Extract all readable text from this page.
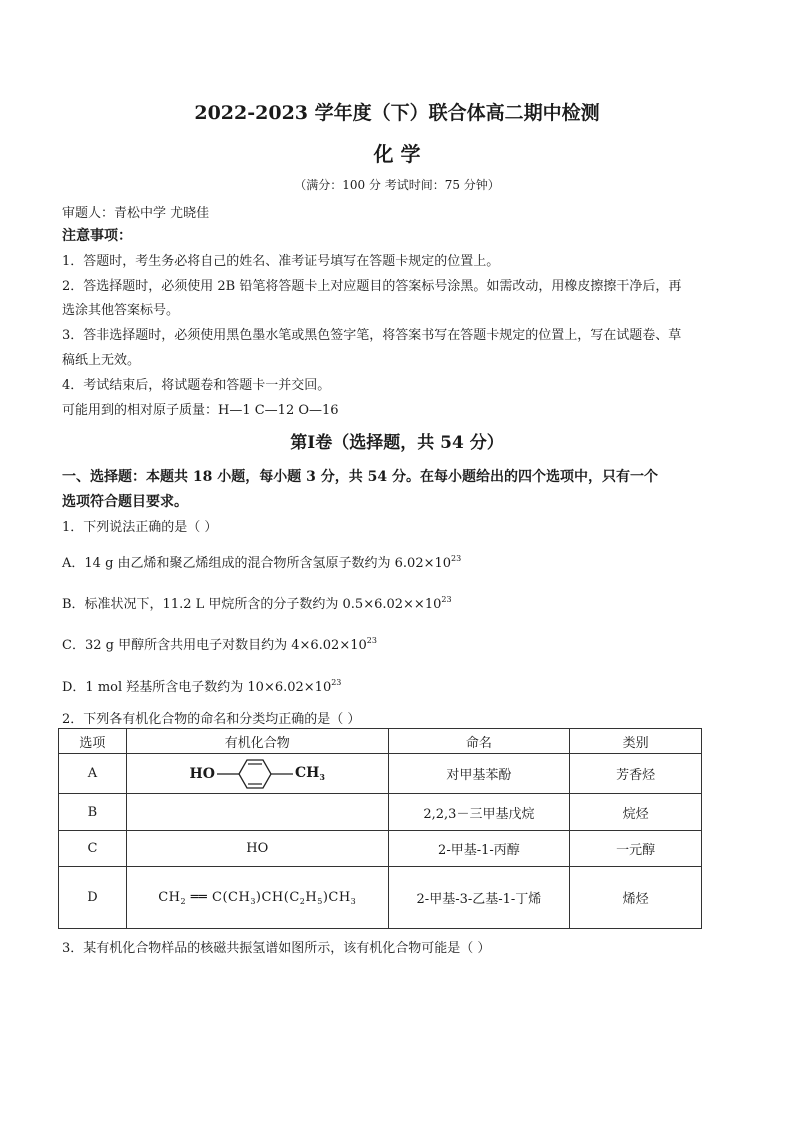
2022-2023 学年度（下）联合体高二期中检测
化 学
（满分：100 分 考试时间：75 分钟）
审题人：青松中学 尤晓佳
注意事项：
1．答题时，考生务必将自己的姓名、准考证号填写在答题卡规定的位置上。
2．答选择题时，必须使用 2B 铅笔将答题卡上对应题目的答案标号涂黑。如需改动，用橡皮擦擦干净后，再
选涂其他答案标号。
3．答非选择题时，必须使用黑色墨水笔或黑色签字笔，将答案书写在答题卡规定的位置上，写在试题卷、草
稿纸上无效。
4．考试结束后，将试题卷和答题卡一并交回。
可能用到的相对原子质量：H—1 C—12 O—16
第Ⅰ卷（选择题，共 54 分）
一、选择题：本题共 18 小题，每小题 3 分，共 54 分。在每小题给出的四个选项中，只有一个
选项符合题目要求。
1．下列说法正确的是（ ）
A．14 g 由乙烯和聚乙烯组成的混合物所含氢原子数约为 $6.02\times 10^{23}$
B．标准状况下，11.2 L 甲烷所含的分子数约为 $0.5\times 6.02\times\times 10^{23}$
C．32 g 甲醇所含共用电子对数目约为 $4\times 6.02\times 10^{23}$
D．1 mol 羟基所含电子数约为 $10\times 6.02\times 10^{23}$
2．下列各有机化合物的命名和分类均正确的是（ ）
选项	有机化合物	命名	类别
A	HO $CH_3$	对甲基苯酚	芳香烃
B		2,2,3－三甲基戊烷	烷烃
C	HO	2-甲基-1-丙醇	一元醇
D	$CH_2$ ══ $C(CH_3)CH(C_2H_5)CH_3$	2-甲基-3-乙基-1-丁烯	烯烃
3．某有机化合物样品的核磁共振氢谱如图所示，该有机化合物可能是（ ）
